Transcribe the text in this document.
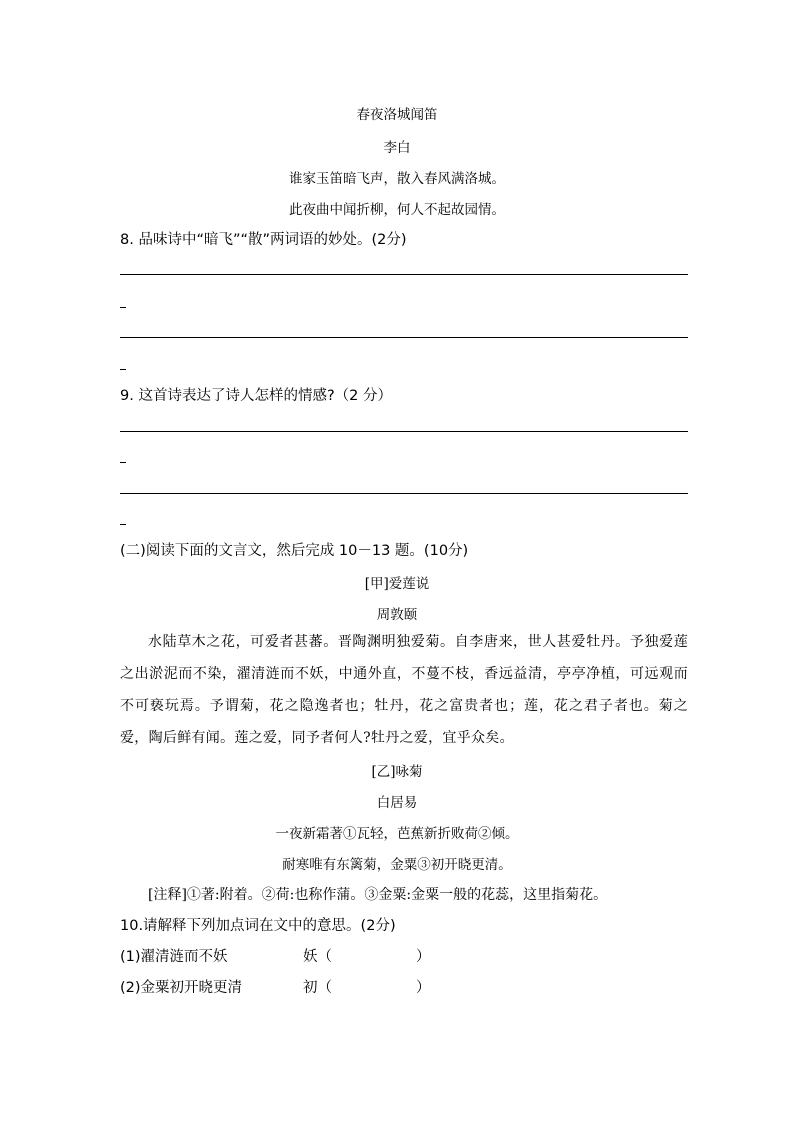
春夜洛城闻笛
李白
谁家玉笛暗飞声，散入春风满洛城。
此夜曲中闻折柳，何人不起故园情。
8. 品味诗中“暗飞”“散”两词语的妙处。(2分)
9. 这首诗表达了诗人怎样的情感?（2 分）
(二)阅读下面的文言文，然后完成 10－13 题。(10分)
[甲]爱莲说
周敦颐
水陆草木之花，可爱者甚蕃。晋陶渊明独爱菊。自李唐来，世人甚爱牡丹。予独爱莲之出淤泥而不染，濯清涟而不妖，中通外直，不蔓不枝，香远益清，亭亭净植，可远观而不可亵玩焉。予谓菊，花之隐逸者也；牡丹，花之富贵者也；莲，花之君子者也。菊之爱，陶后鲜有闻。莲之爱，同予者何人?牡丹之爱，宜乎众矣。
[乙]咏菊
白居易
一夜新霜著①瓦轻，芭蕉新折败荷②倾。
耐寒唯有东篱菊，金粟③初开晓更清。
[注释]①著:附着。②荷:也称作蒲。③金粟:金粟一般的花蕊，这里指菊花。
10.请解释下列加点词在文中的意思。(2分)
(1)濯清涟而不妖	妖（	）
(2)金粟初开晓更清	初（	）
